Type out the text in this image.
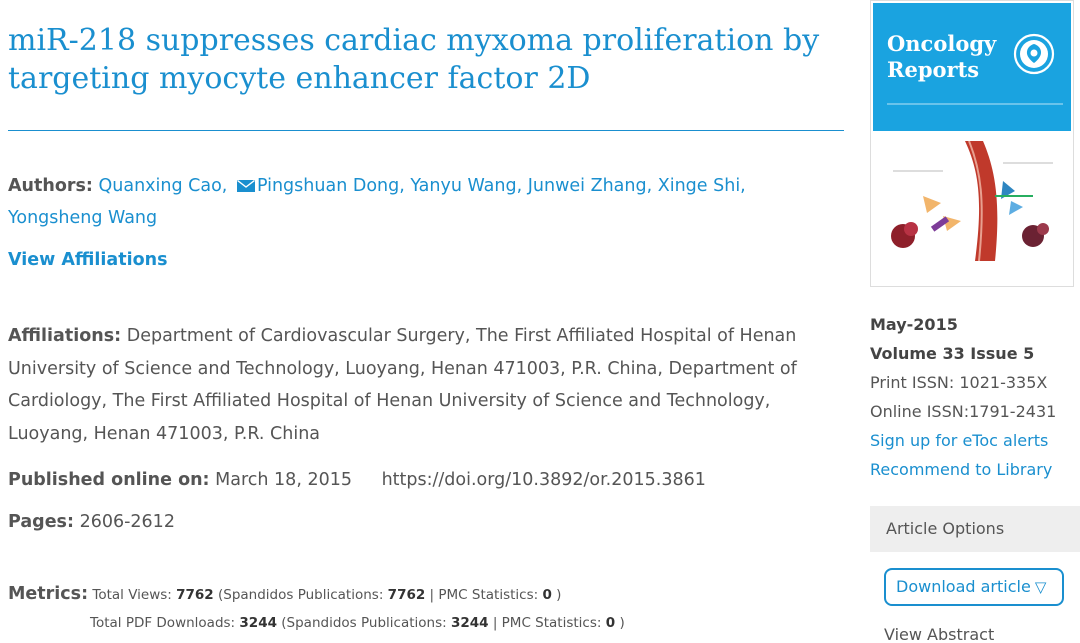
miR-218 suppresses cardiac myxoma proliferation by targeting myocyte enhancer factor 2D
Authors: Quanxing Cao, Pingshuan Dong, Yanyu Wang, Junwei Zhang, Xinge Shi, Yongsheng Wang
View Affiliations
Affiliations: Department of Cardiovascular Surgery, The First Affiliated Hospital of Henan University of Science and Technology, Luoyang, Henan 471003, P.R. China, Department of Cardiology, The First Affiliated Hospital of Henan University of Science and Technology, Luoyang, Henan 471003, P.R. China
Published online on: March 18, 2015 https://doi.org/10.3892/or.2015.3861
Pages: 2606-2612
Metrics: Total Views: 7762 (Spandidos Publications: 7762 | PMC Statistics: 0 )
Total PDF Downloads: 3244 (Spandidos Publications: 3244 | PMC Statistics: 0 )
Oncology
Reports
May-2015
Volume 33 Issue 5
Print ISSN: 1021-335X
Online ISSN:1791-2431
Sign up for eToc alerts
Recommend to Library
Article Options
Download article ▽
View Abstract
